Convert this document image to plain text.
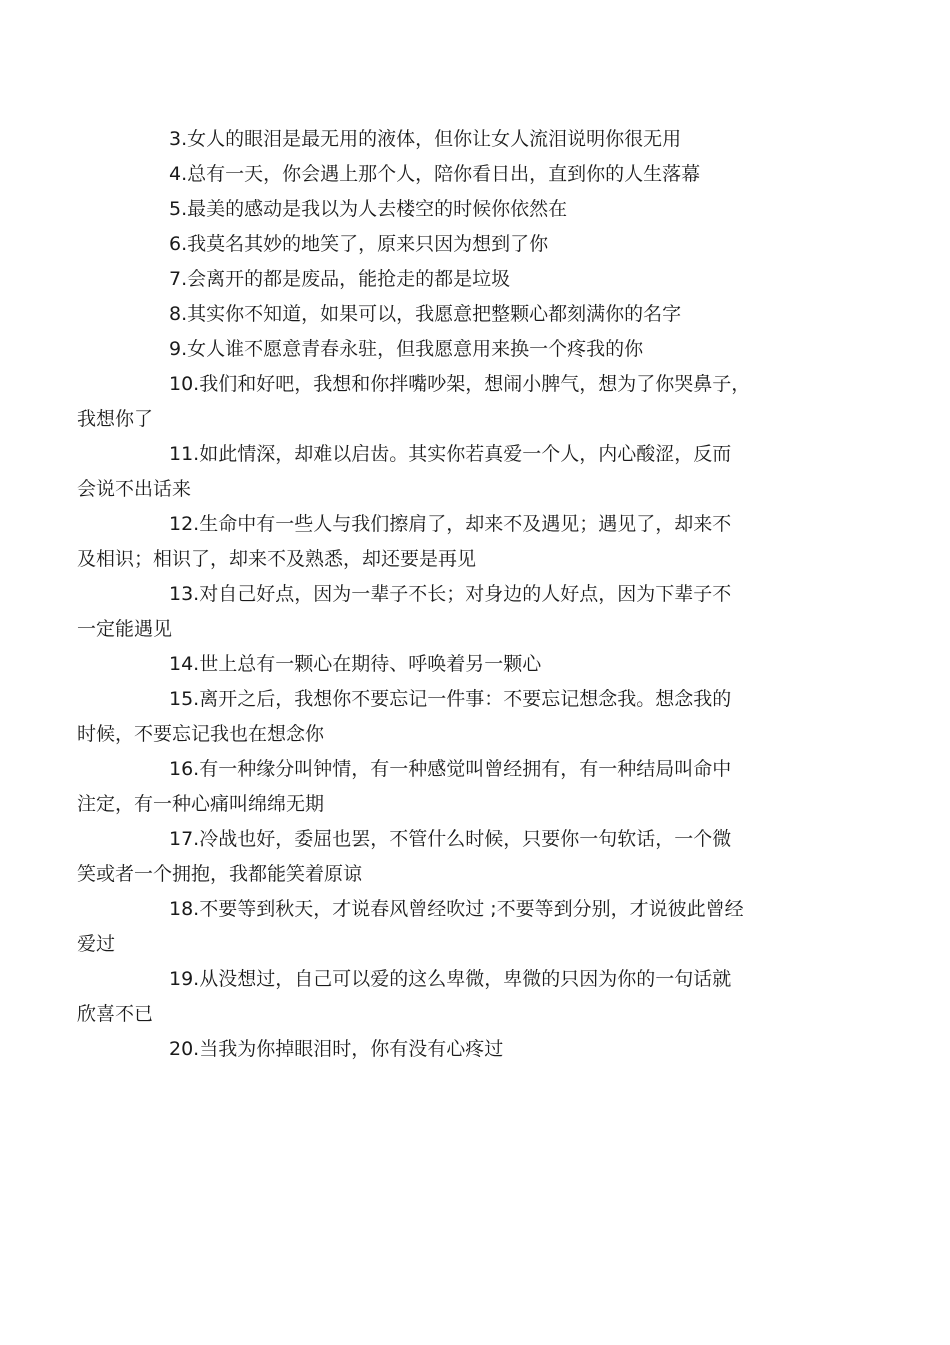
3.女人的眼泪是最无用的液体，但你让女人流泪说明你很无用

4.总有一天，你会遇上那个人，陪你看日出，直到你的人生落幕

5.最美的感动是我以为人去楼空的时候你依然在

6.我莫名其妙的地笑了，原来只因为想到了你

7.会离开的都是废品，能抢走的都是垃圾

8.其实你不知道，如果可以，我愿意把整颗心都刻满你的名字

9.女人谁不愿意青春永驻，但我愿意用来换一个疼我的你

10.我们和好吧，我想和你拌嘴吵架，想闹小脾气，想为了你哭鼻子，
我想你了

11.如此情深，却难以启齿。其实你若真爱一个人，内心酸涩，反而
会说不出话来

12.生命中有一些人与我们擦肩了，却来不及遇见；遇见了，却来不
及相识；相识了，却来不及熟悉，却还要是再见

13.对自己好点，因为一辈子不长；对身边的人好点，因为下辈子不
一定能遇见

14.世上总有一颗心在期待、呼唤着另一颗心

15.离开之后，我想你不要忘记一件事：不要忘记想念我。想念我的
时候，不要忘记我也在想念你

16.有一种缘分叫钟情，有一种感觉叫曾经拥有，有一种结局叫命中
注定，有一种心痛叫绵绵无期

17.冷战也好，委屈也罢，不管什么时候，只要你一句软话，一个微
笑或者一个拥抱，我都能笑着原谅

18.不要等到秋天，才说春风曾经吹过 ;不要等到分别，才说彼此曾经
爱过

19.从没想过，自己可以爱的这么卑微，卑微的只因为你的一句话就
欣喜不已

20.当我为你掉眼泪时，你有没有心疼过
